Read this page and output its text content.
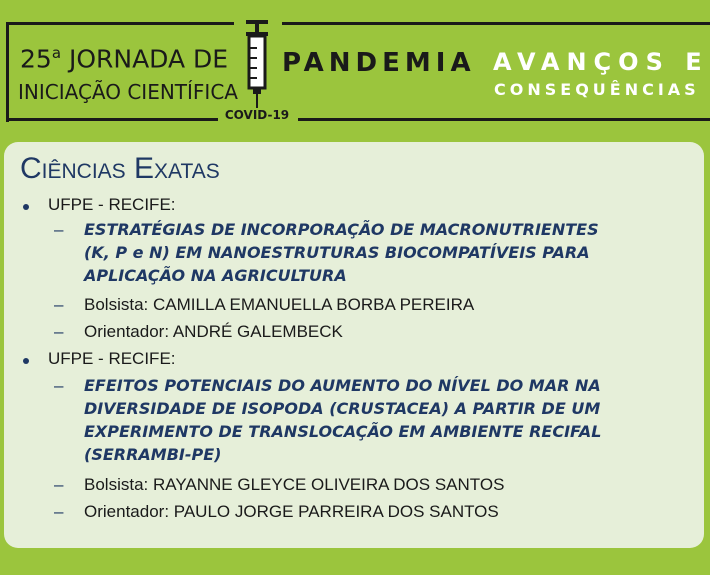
25$^a$ JORNADA DE
INICIAÇÃO CIENTÍFICA
COVID-19
PANDEMIA AVANÇOS E
CONSEQUÊNCIAS
Ciências Exatas
UFPE - RECIFE:
– ESTRATÉGIAS DE INCORPORAÇÃO DE MACRONUTRIENTES
(K, P e N) EM NANOESTRUTURAS BIOCOMPATÍVEIS PARA
APLICAÇÃO NA AGRICULTURA
– Bolsista: CAMILLA EMANUELLA BORBA PEREIRA
– Orientador: ANDRÉ GALEMBECK
UFPE - RECIFE:
– EFEITOS POTENCIAIS DO AUMENTO DO NÍVEL DO MAR NA
DIVERSIDADE DE ISOPODA (CRUSTACEA) A PARTIR DE UM
EXPERIMENTO DE TRANSLOCAÇÃO EM AMBIENTE RECIFAL
(SERRAMBI-PE)
– Bolsista: RAYANNE GLEYCE OLIVEIRA DOS SANTOS
– Orientador: PAULO JORGE PARREIRA DOS SANTOS
